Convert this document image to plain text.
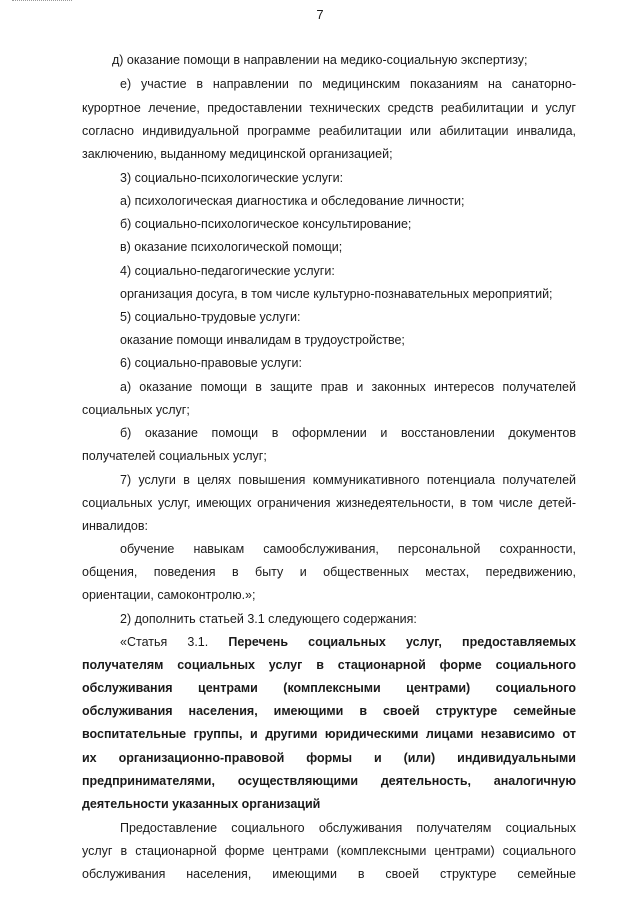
7
д) оказание помощи в направлении на медико-социальную экспертизу;
е) участие в направлении по медицинским показаниям на санаторно-
курортное лечение, предоставлении технических средств реабилитации и услуг
согласно индивидуальной программе реабилитации или абилитации инвалида,
заключению, выданному медицинской организацией;
3) социально-психологические услуги:
а) психологическая диагностика и обследование личности;
б) социально-психологическое консультирование;
в) оказание психологической помощи;
4) социально-педагогические услуги:
организация досуга, в том числе культурно-познавательных мероприятий;
5) социально-трудовые услуги:
оказание помощи инвалидам в трудоустройстве;
6) социально-правовые услуги:
а) оказание помощи в защите прав и законных интересов получателей
социальных услуг;
б) оказание помощи в оформлении и восстановлении документов
получателей социальных услуг;
7) услуги в целях повышения коммуникативного потенциала получателей
социальных услуг, имеющих ограничения жизнедеятельности, в том числе детей-
инвалидов:
обучение навыкам самообслуживания, персональной сохранности,
общения, поведения в быту и общественных местах, передвижению,
ориентации, самоконтролю.»;
2) дополнить статьей 3.1 следующего содержания:
«Статья 3.1. Перечень социальных услуг, предоставляемых
получателям социальных услуг в стационарной форме социального
обслуживания центрами (комплексными центрами) социального
обслуживания населения, имеющими в своей структуре семейные
воспитательные группы, и другими юридическими лицами независимо от
их организационно-правовой формы и (или) индивидуальными
предпринимателями, осуществляющими деятельность, аналогичную
деятельности указанных организаций
Предоставление социального обслуживания получателям социальных
услуг в стационарной форме центрами (комплексными центрами) социального
обслуживания населения, имеющими в своей структуре семейные
